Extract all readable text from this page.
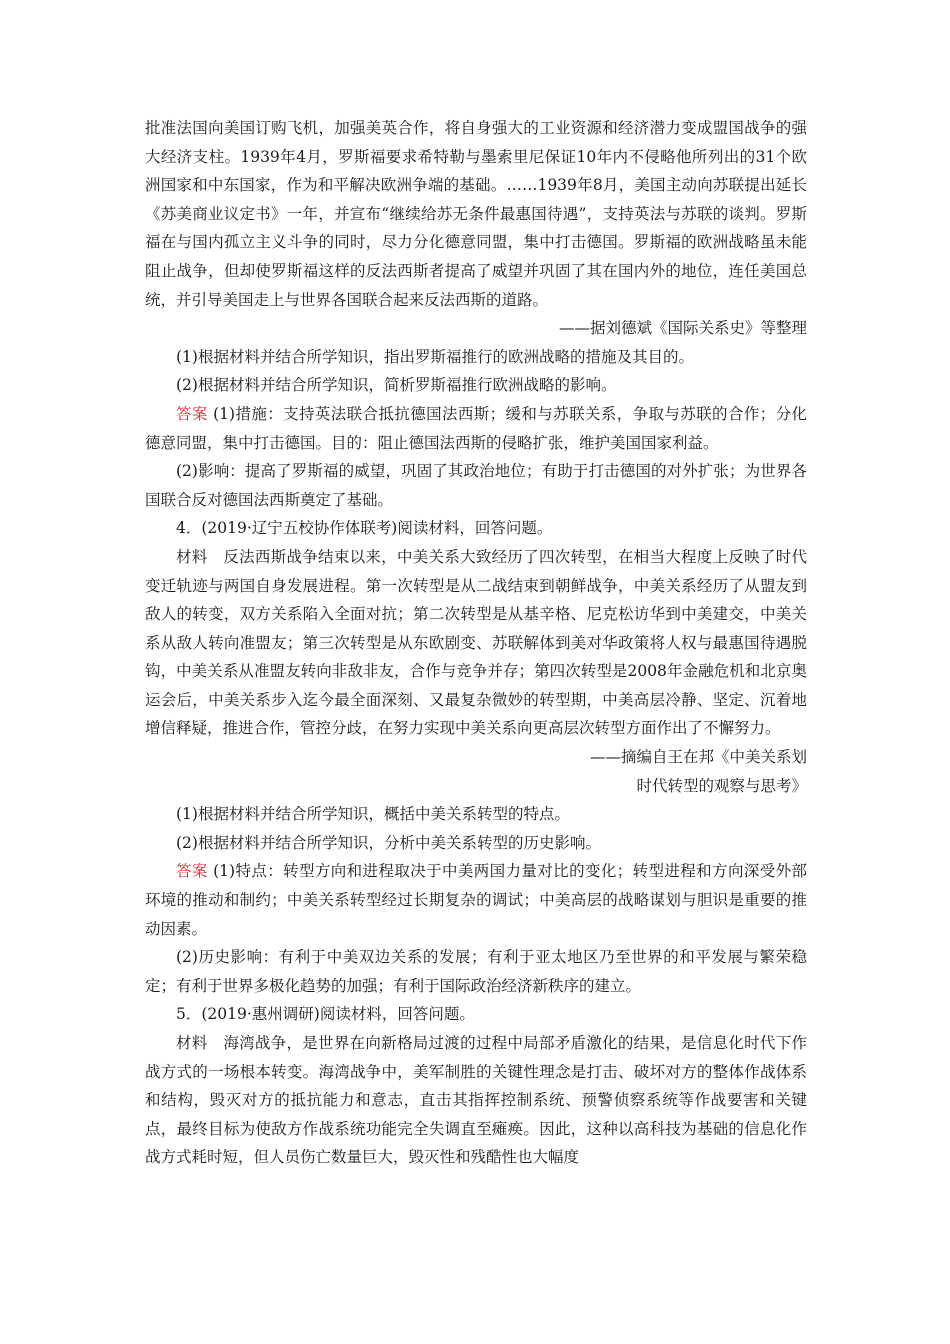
批准法国向美国订购飞机，加强美英合作，将自身强大的工业资源和经济潜力变成盟国战争的强大经济支柱。1939年4月，罗斯福要求希特勒与墨索里尼保证10年内不侵略他所列出的31个欧洲国家和中东国家，作为和平解决欧洲争端的基础。……1939年8月，美国主动向苏联提出延长《苏美商业议定书》一年，并宣布“继续给苏无条件最惠国待遇”，支持英法与苏联的谈判。罗斯福在与国内孤立主义斗争的同时，尽力分化德意同盟，集中打击德国。罗斯福的欧洲战略虽未能阻止战争，但却使罗斯福这样的反法西斯者提高了威望并巩固了其在国内外的地位，连任美国总统，并引导美国走上与世界各国联合起来反法西斯的道路。

——据刘德斌《国际关系史》等整理

(1)根据材料并结合所学知识，指出罗斯福推行的欧洲战略的措施及其目的。

(2)根据材料并结合所学知识，简析罗斯福推行欧洲战略的影响。

答案 (1)措施：支持英法联合抵抗德国法西斯；缓和与苏联关系，争取与苏联的合作；分化德意同盟，集中打击德国。目的：阻止德国法西斯的侵略扩张，维护美国国家利益。

(2)影响：提高了罗斯福的威望，巩固了其政治地位；有助于打击德国的对外扩张；为世界各国联合反对德国法西斯奠定了基础。

4．(2019·辽宁五校协作体联考)阅读材料，回答问题。

材料　反法西斯战争结束以来，中美关系大致经历了四次转型，在相当大程度上反映了时代变迁轨迹与两国自身发展进程。第一次转型是从二战结束到朝鲜战争，中美关系经历了从盟友到敌人的转变，双方关系陷入全面对抗；第二次转型是从基辛格、尼克松访华到中美建交，中美关系从敌人转向准盟友；第三次转型是从东欧剧变、苏联解体到美对华政策将人权与最惠国待遇脱钩，中美关系从准盟友转向非敌非友，合作与竞争并存；第四次转型是2008年金融危机和北京奥运会后，中美关系步入迄今最全面深刻、又最复杂微妙的转型期，中美高层冷静、坚定、沉着地增信释疑，推进合作，管控分歧，在努力实现中美关系向更高层次转型方面作出了不懈努力。

——摘编自王在邦《中美关系划

时代转型的观察与思考》

(1)根据材料并结合所学知识，概括中美关系转型的特点。

(2)根据材料并结合所学知识，分析中美关系转型的历史影响。

答案 (1)特点：转型方向和进程取决于中美两国力量对比的变化；转型进程和方向深受外部环境的推动和制约；中美关系转型经过长期复杂的调试；中美高层的战略谋划与胆识是重要的推动因素。

(2)历史影响：有利于中美双边关系的发展；有利于亚太地区乃至世界的和平发展与繁荣稳定；有利于世界多极化趋势的加强；有利于国际政治经济新秩序的建立。

5．(2019·惠州调研)阅读材料，回答问题。

材料　海湾战争，是世界在向新格局过渡的过程中局部矛盾激化的结果，是信息化时代下作战方式的一场根本转变。海湾战争中，美军制胜的关键性理念是打击、破坏对方的整体作战体系和结构，毁灭对方的抵抗能力和意志，直击其指挥控制系统、预警侦察系统等作战要害和关键点，最终目标为使敌方作战系统功能完全失调直至瘫痪。因此，这种以高科技为基础的信息化作战方式耗时短，但人员伤亡数量巨大，毁灭性和残酷性也大幅度
